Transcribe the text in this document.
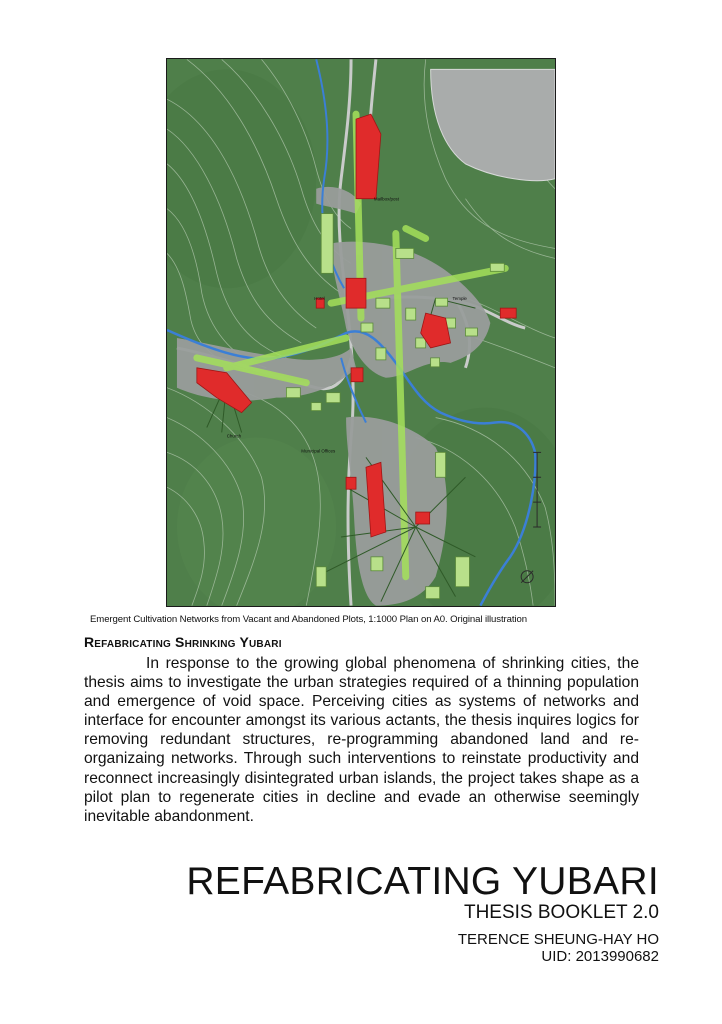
Mailbox/post
Hotel	Temple
Church
Municipal Offices
Emergent Cultivation Networks from Vacant and Abandoned Plots, 1:1000 Plan on A0. Original illustration
Refabricating Shrinking Yubari

In response to the growing global phenomena of shrinking cities, the thesis aims to investigate the urban strategies required of a thinning population and emergence of void space. Perceiving cities as systems of networks and interface for encounter amongst its various actants, the thesis inquires logics for removing redundant structures, re-programming abandoned land and re-organizaing networks. Through such interventions to reinstate productivity and reconnect increasingly disintegrated urban islands, the project takes shape as a pilot plan to regenerate cities in decline and evade an otherwise seemingly inevitable abandonment.

REFABRICATING YUBARI
THESIS BOOKLET 2.0
TERENCE SHEUNG-HAY HO
UID: 2013990682
